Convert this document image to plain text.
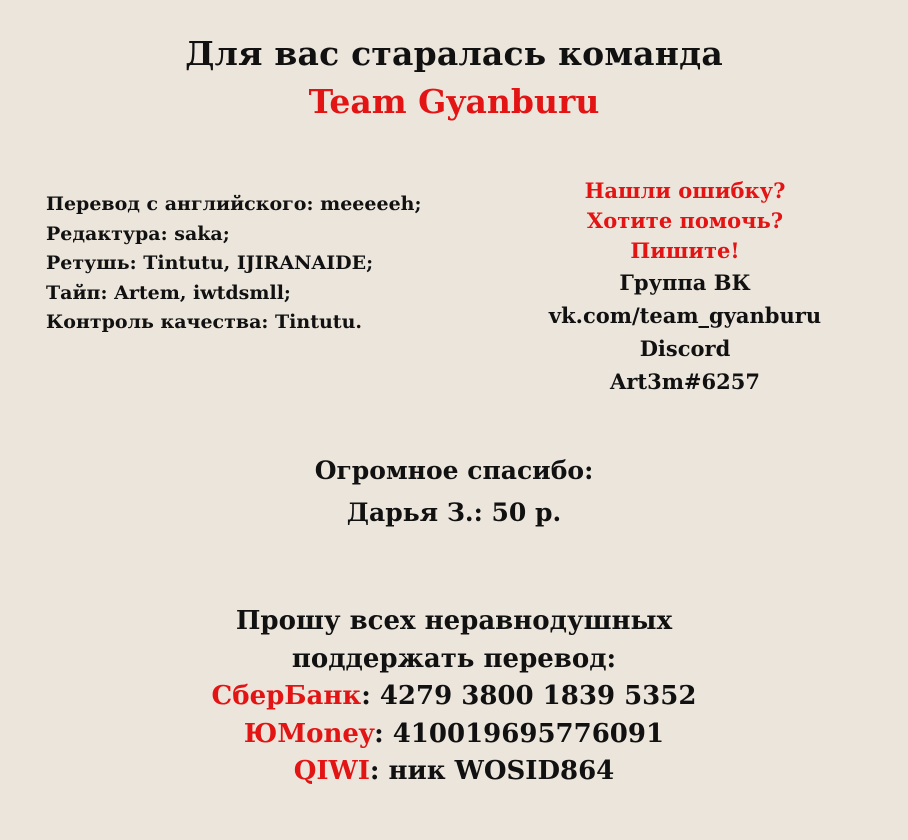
Для вас старалась команда
Team Gyanburu
Перевод с английского: meeeeeh;
Редактура: saka;
Ретушь: Tintutu, IJIRANAIDE;
Тайп: Artem, iwtdsmll;
Контроль качества: Tintutu.
Нашли ошибку?
Хотите помочь?
Пишите!
Группа ВК
vk.com/team_gyanburu
Discord
Art3m#6257
Огромное спасибо:
Дарья З.: 50 р.
Прошу всех неравнодушных
поддержать перевод:
СберБанк: 4279 3800 1839 5352
ЮMoney: 410019695776091
QIWI: ник WOSID864
